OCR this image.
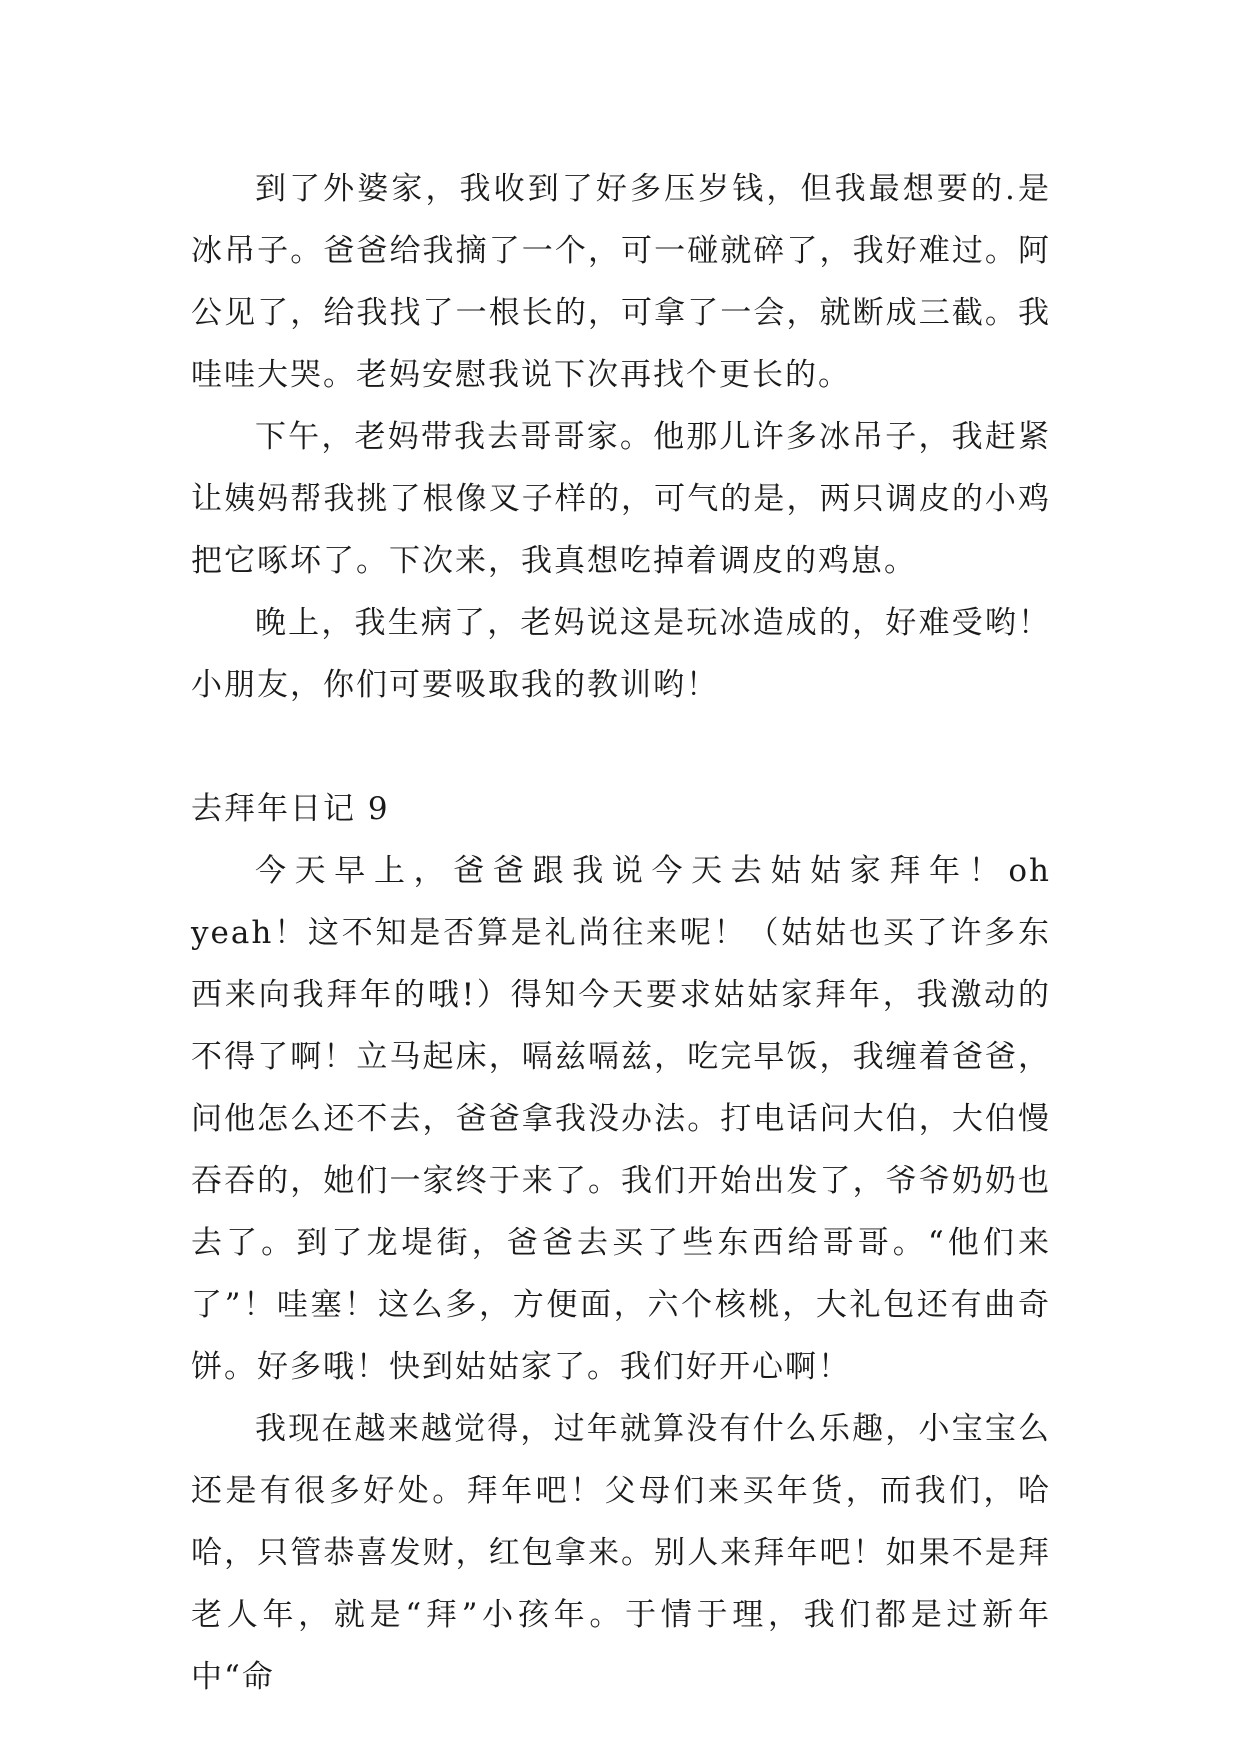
到了外婆家，我收到了好多压岁钱，但我最想要的.是冰吊子。爸爸给我摘了一个，可一碰就碎了，我好难过。阿公见了，给我找了一根长的，可拿了一会，就断成三截。我哇哇大哭。老妈安慰我说下次再找个更长的。

下午，老妈带我去哥哥家。他那儿许多冰吊子，我赶紧让姨妈帮我挑了根像叉子样的，可气的是，两只调皮的小鸡把它啄坏了。下次来，我真想吃掉着调皮的鸡崽。

晚上，我生病了，老妈说这是玩冰造成的，好难受哟！小朋友，你们可要吸取我的教训哟！

去拜年日记 9

今天早上，爸爸跟我说今天去姑姑家拜年！oh yeah！这不知是否算是礼尚往来呢！（姑姑也买了许多东西来向我拜年的哦!）得知今天要求姑姑家拜年，我激动的不得了啊！立马起床，嗝兹嗝兹，吃完早饭，我缠着爸爸，问他怎么还不去，爸爸拿我没办法。打电话问大伯，大伯慢吞吞的，她们一家终于来了。我们开始出发了，爷爷奶奶也去了。到了龙堤街，爸爸去买了些东西给哥哥。“他们来了”！哇塞！这么多，方便面，六个核桃，大礼包还有曲奇饼。好多哦！快到姑姑家了。我们好开心啊！

我现在越来越觉得，过年就算没有什么乐趣，小宝宝么还是有很多好处。拜年吧！父母们来买年货，而我们，哈哈，只管恭喜发财，红包拿来。别人来拜年吧！如果不是拜老人年，就是“拜”小孩年。于情于理，我们都是过新年中“命
